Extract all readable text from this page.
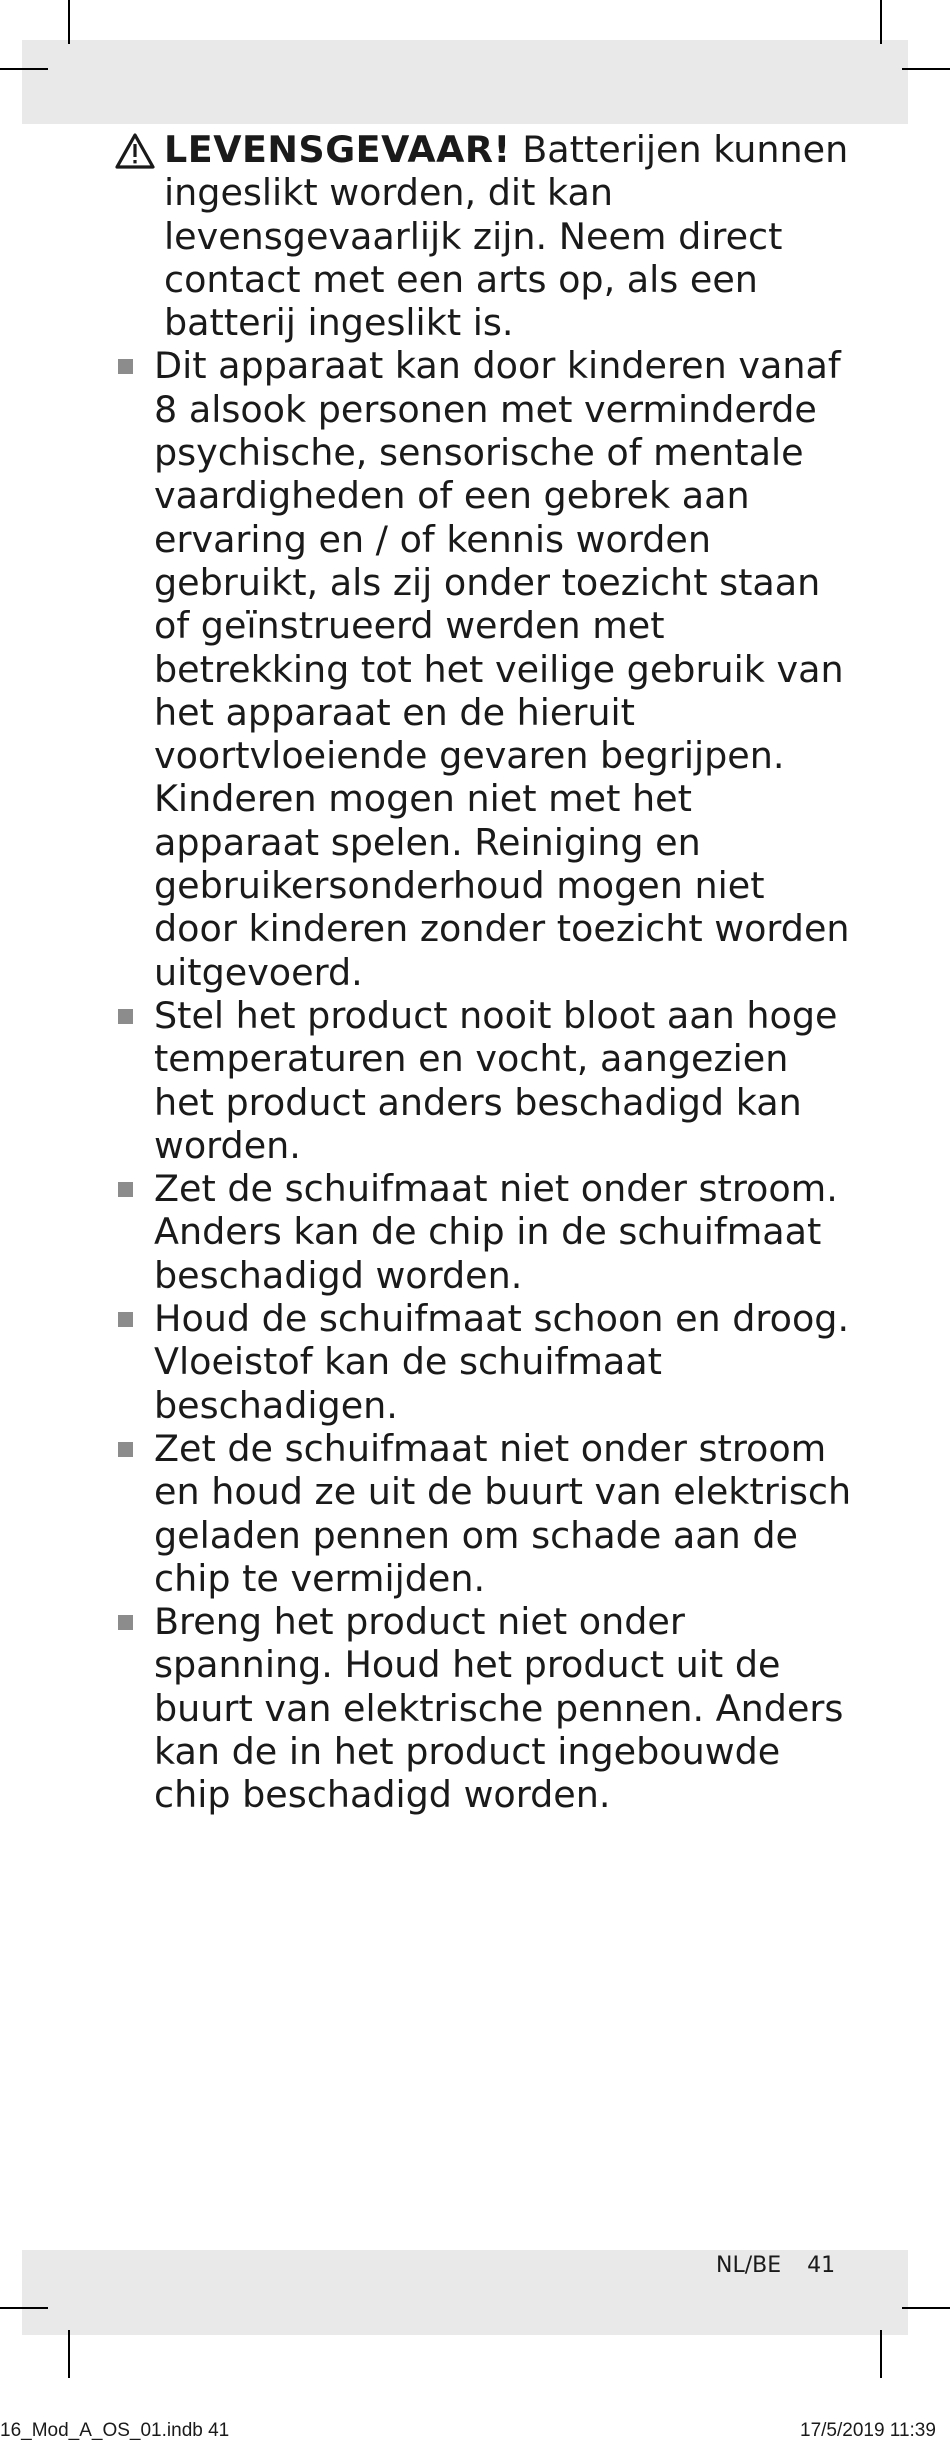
LEVENSGEVAAR! Batterijen kunnen ingeslikt worden, dit kan levensgevaarlijk zijn. Neem direct contact met een arts op, als een batterij ingeslikt is.
Dit apparaat kan door kinderen vanaf 8 alsook personen met verminderde psychische, sensorische of mentale vaardigheden of een gebrek aan ervaring en / of kennis worden gebruikt, als zij onder toezicht staan of geïnstrueerd werden met betrekking tot het veilige gebruik van het apparaat en de hieruit voortvloeiende gevaren begrijpen.
Kinderen mogen niet met het apparaat spelen. Reiniging en gebruikersonderhoud mogen niet door kinderen zonder toezicht worden uitgevoerd.
Stel het product nooit bloot aan hoge temperaturen en vocht, aangezien het product anders beschadigd kan worden.
Zet de schuifmaat niet onder stroom. Anders kan de chip in de schuifmaat beschadigd worden.
Houd de schuifmaat schoon en droog. Vloeistof kan de schuifmaat beschadigen.
Zet de schuifmaat niet onder stroom en houd ze uit de buurt van elektrisch geladen pennen om schade aan de chip te vermijden.
Breng het product niet onder spanning. Houd het product uit de buurt van elektrische pennen. Anders kan de in het product ingebouwde chip beschadigd worden.
NL/BE 41
16_Mod_A_OS_01.indb 41	17/5/2019 11:39
